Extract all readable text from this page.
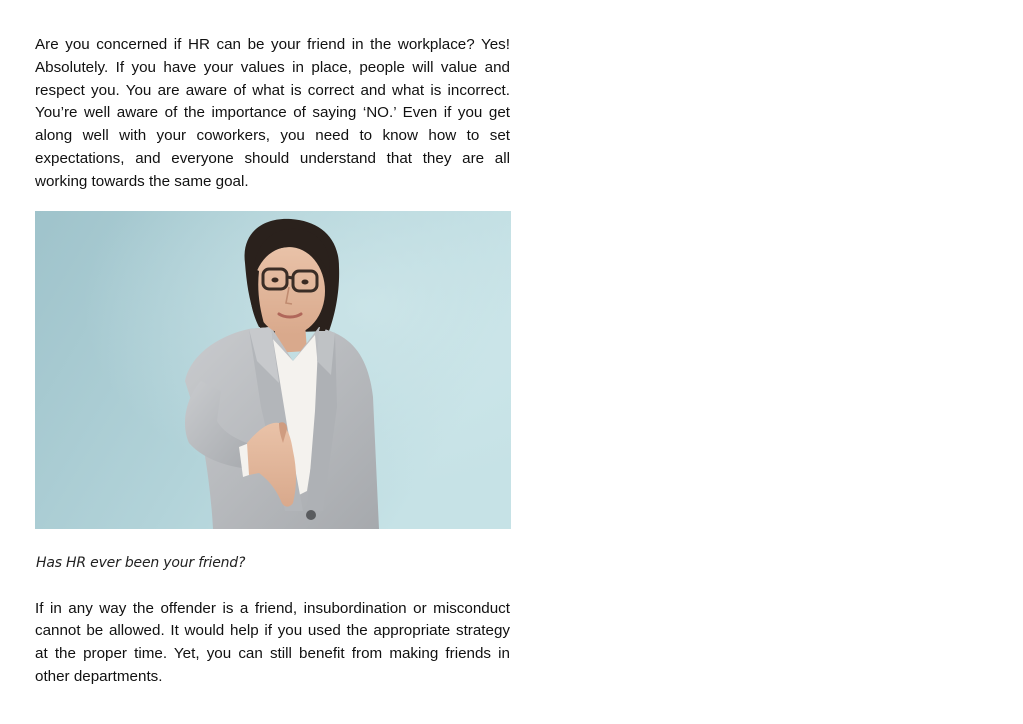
Are you concerned if HR can be your friend in the workplace? Yes! Absolutely. If you have your values in place, people will value and respect you. You are aware of what is correct and what is incorrect. You’re well aware of the importance of saying ‘NO.’ Even if you get along well with your coworkers, you need to know how to set expectations, and everyone should understand that they are all working towards the same goal.

Has HR ever been your friend?

If in any way the offender is a friend, insubordination or misconduct cannot be allowed. It would help if you used the appropriate strategy at the proper time. Yet, you can still benefit from making friends in other departments.
